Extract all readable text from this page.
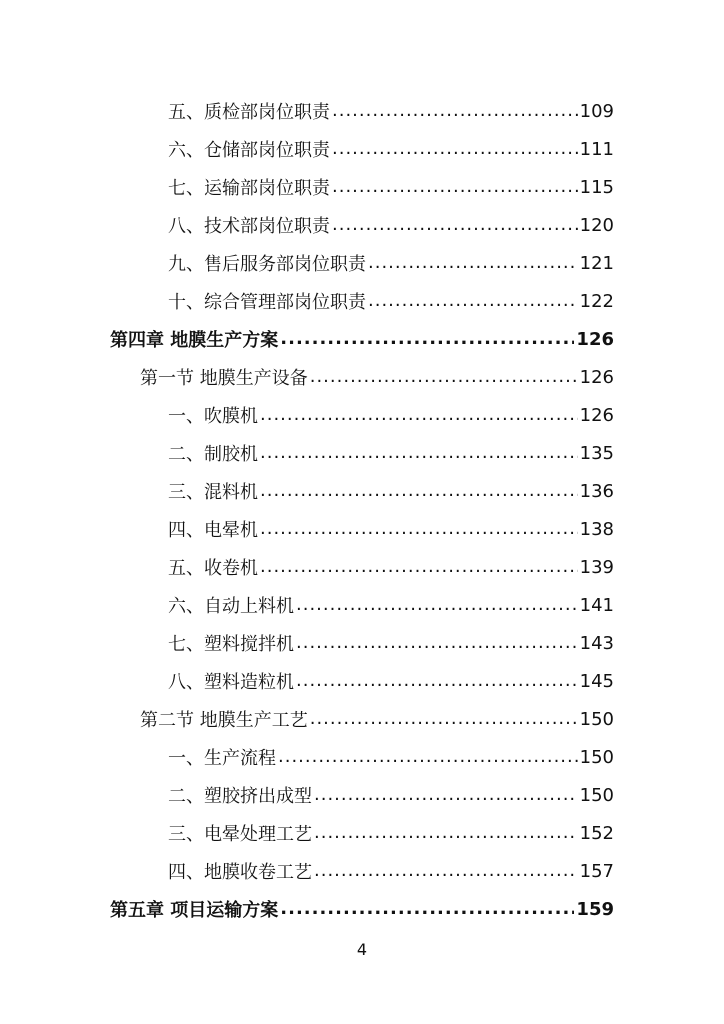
五、质检部岗位职责 .....	109
六、仓储部岗位职责 .....	111
七、运输部岗位职责 .....	115
八、技术部岗位职责 .....	120
九、售后服务部岗位职责 .....	121
十、综合管理部岗位职责 .....	122
第四章 地膜生产方案 .....	126
第一节 地膜生产设备 .....	126
一、吹膜机 .....	126
二、制胶机 .....	135
三、混料机 .....	136
四、电晕机 .....	138
五、收卷机 .....	139
六、自动上料机 .....	141
七、塑料搅拌机 .....	143
八、塑料造粒机 .....	145
第二节 地膜生产工艺 .....	150
一、生产流程 .....	150
二、塑胶挤出成型 .....	150
三、电晕处理工艺 .....	152
四、地膜收卷工艺 .....	157
第五章 项目运输方案 .....	159
4
